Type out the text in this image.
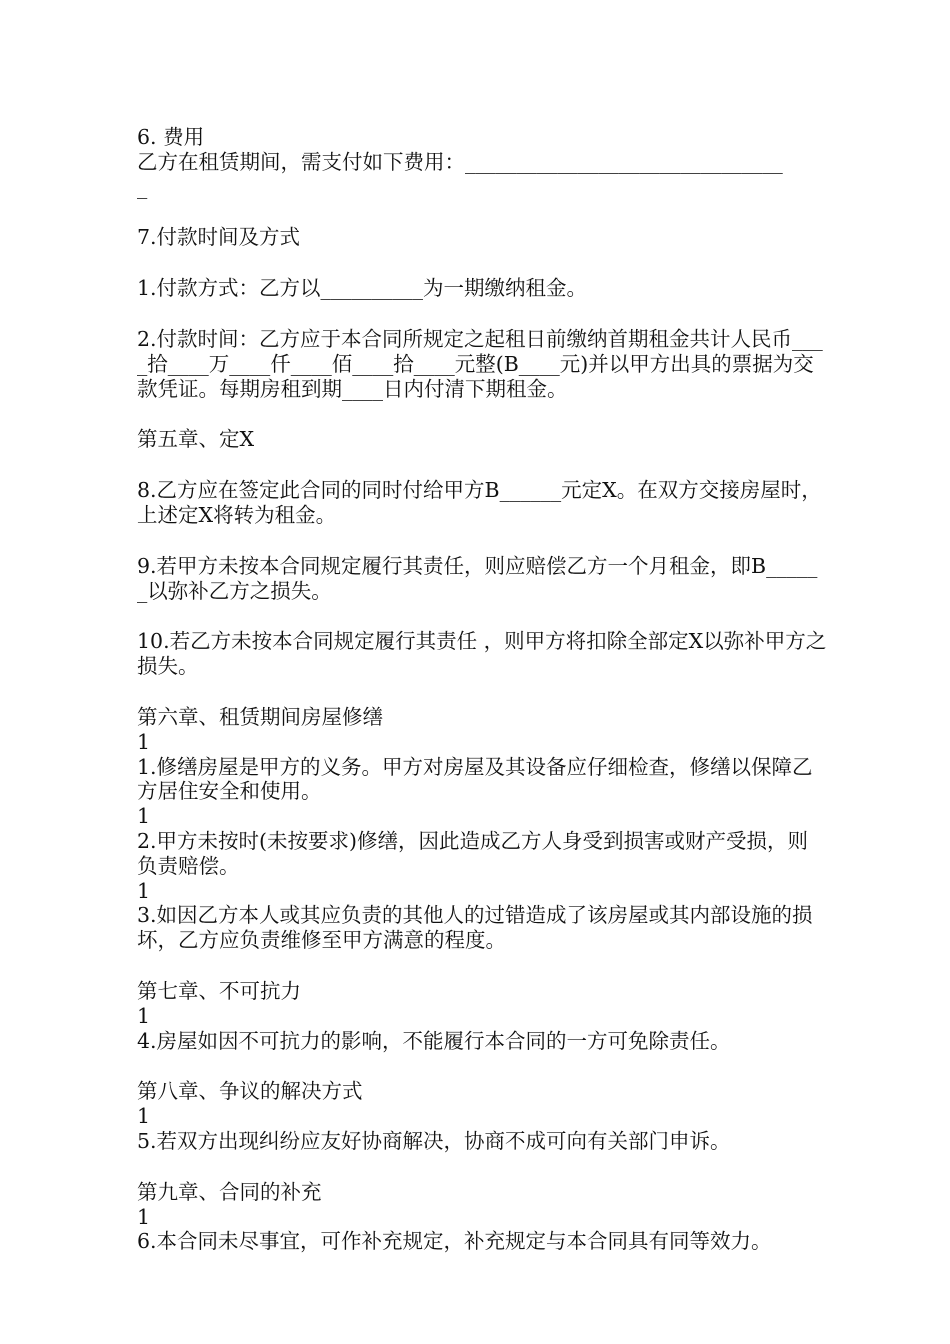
6. 费用

乙方在租赁期间，需支付如下费用：_______________________________

_

7.付款时间及方式

1.付款方式：乙方以__________为一期缴纳租金。

2.付款时间：乙方应于本合同所规定之起租日前缴纳首期租金共计人民币____拾____万____仟____佰____拾____元整(B____元)并以甲方出具的票据为交款凭证。每期房租到期____日内付清下期租金。

第五章、定X

8.乙方应在签定此合同的同时付给甲方B______元定X。在双方交接房屋时，上述定X将转为租金。

9.若甲方未按本合同规定履行其责任，则应赔偿乙方一个月租金，即B______以弥补乙方之损失。

10.若乙方未按本合同规定履行其责任 ，则甲方将扣除全部定X以弥补甲方之损失。

第六章、租赁期间房屋修缮

1

1.修缮房屋是甲方的义务。甲方对房屋及其设备应仔细检查，修缮以保障乙方居住安全和使用。

1

2.甲方未按时(未按要求)修缮，因此造成乙方人身受到损害或财产受损，则负责赔偿。

1

3.如因乙方本人或其应负责的其他人的过错造成了该房屋或其内部设施的损坏，乙方应负责维修至甲方满意的程度。

第七章、不可抗力

1

4.房屋如因不可抗力的影响，不能履行本合同的一方可免除责任。

第八章、争议的解决方式

1

5.若双方出现纠纷应友好协商解决，协商不成可向有关部门申诉。

第九章、合同的补充

1

6.本合同未尽事宜，可作补充规定，补充规定与本合同具有同等效力。
